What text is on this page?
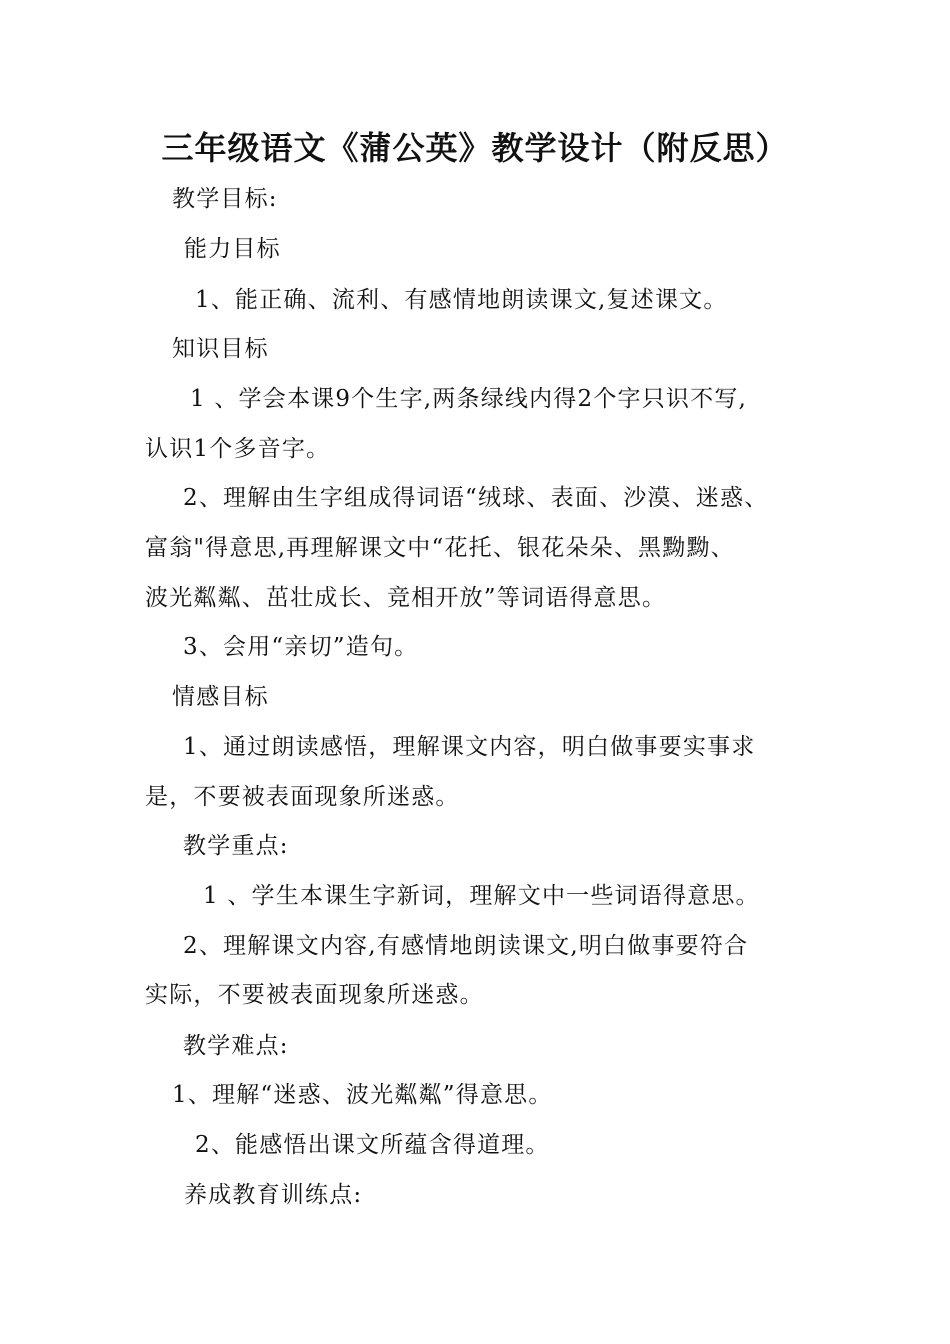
三年级语文《蒲公英》教学设计（附反思）
教学目标:
能力目标
1、能正确、流利、有感情地朗读课文,复述课文。
知识目标
1 、学会本课9个生字,两条绿线内得2个字只识不写,
认识1个多音字。
2、理解由生字组成得词语“绒球、表面、沙漠、迷惑、
富翁"得意思,再理解课文中“花托、银花朵朵、黑黝黝、
波光粼粼、茁壮成长、竞相开放”等词语得意思。
3、会用“亲切”造句。
情感目标
1、通过朗读感悟，理解课文内容，明白做事要实事求
是，不要被表面现象所迷惑。
教学重点:
1 、学生本课生字新词，理解文中一些词语得意思。
2、理解课文内容,有感情地朗读课文,明白做事要符合
实际，不要被表面现象所迷惑。
教学难点:
1、理解“迷惑、波光粼粼”得意思。
2、能感悟出课文所蕴含得道理。
养成教育训练点:
